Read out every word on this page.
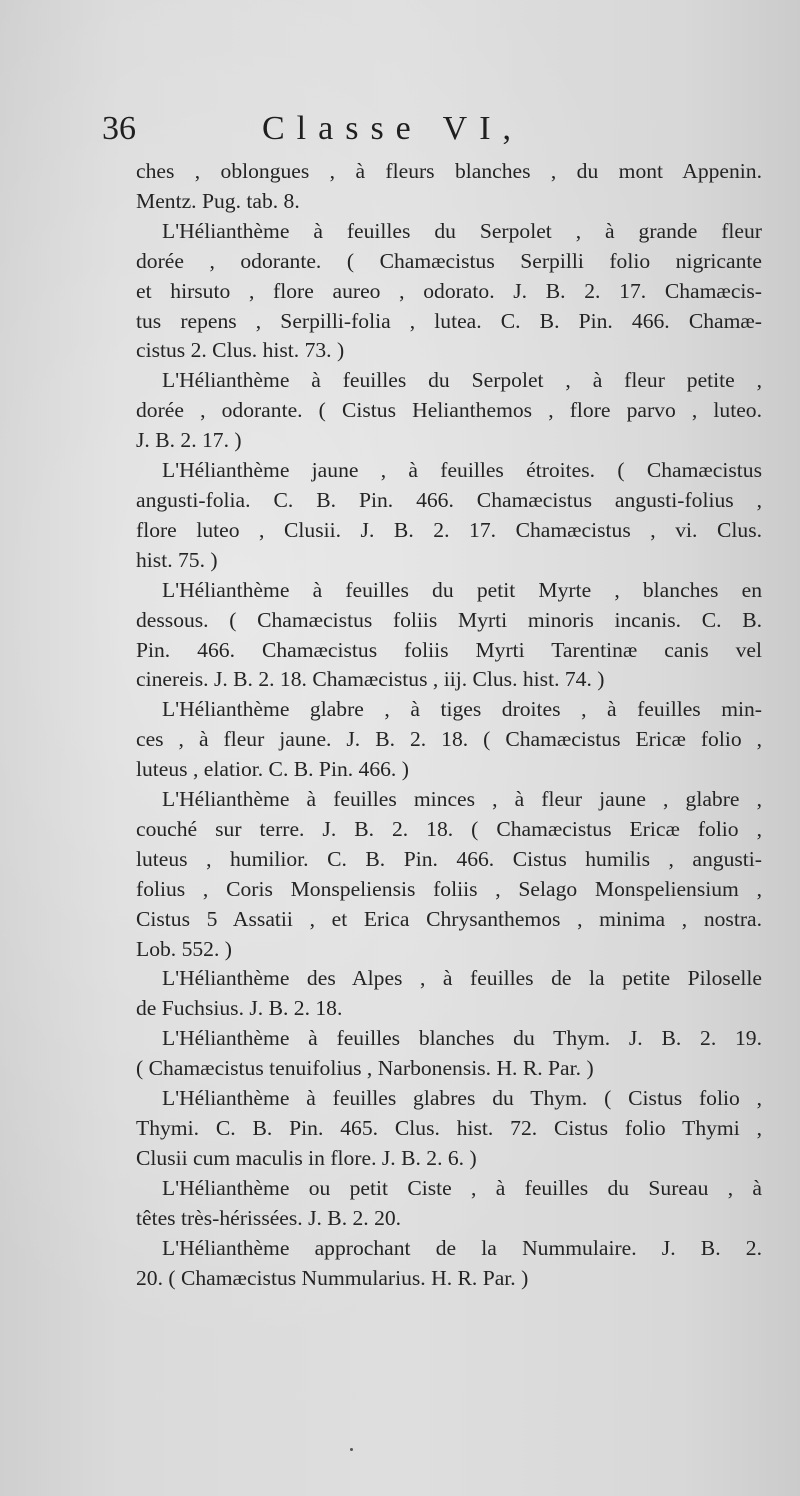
36	Classe VI,
ches , oblongues , à fleurs blanches , du mont Appenin.
Mentz. Pug. tab. 8.
L'Hélianthème à feuilles du Serpolet , à grande fleur
dorée , odorante. ( Chamæcistus Serpilli folio nigricante
et hirsuto , flore aureo , odorato. J. B. 2. 17. Chamæcis-
tus repens , Serpilli-folia , lutea. C. B. Pin. 466. Chamæ-
cistus 2. Clus. hist. 73. )
L'Hélianthème à feuilles du Serpolet , à fleur petite ,
dorée , odorante. ( Cistus Helianthemos , flore parvo , luteo.
J. B. 2. 17. )
L'Hélianthème jaune , à feuilles étroites. ( Chamæcistus
angusti-folia. C. B. Pin. 466. Chamæcistus angusti-folius ,
flore luteo , Clusii. J. B. 2. 17. Chamæcistus , vi. Clus.
hist. 75. )
L'Hélianthème à feuilles du petit Myrte , blanches en
dessous. ( Chamæcistus foliis Myrti minoris incanis. C. B.
Pin. 466. Chamæcistus foliis Myrti Tarentinæ canis vel
cinereis. J. B. 2. 18. Chamæcistus , iij. Clus. hist. 74. )
L'Hélianthème glabre , à tiges droites , à feuilles min-
ces , à fleur jaune. J. B. 2. 18. ( Chamæcistus Ericæ folio ,
luteus , elatior. C. B. Pin. 466. )
L'Hélianthème à feuilles minces , à fleur jaune , glabre ,
couché sur terre. J. B. 2. 18. ( Chamæcistus Ericæ folio ,
luteus , humilior. C. B. Pin. 466. Cistus humilis , angusti-
folius , Coris Monspeliensis foliis , Selago Monspeliensium ,
Cistus 5 Assatii , et Erica Chrysanthemos , minima , nostra.
Lob. 552. )
L'Hélianthème des Alpes , à feuilles de la petite Piloselle
de Fuchsius. J. B. 2. 18.
L'Hélianthème à feuilles blanches du Thym. J. B. 2. 19.
( Chamæcistus tenuifolius , Narbonensis. H. R. Par. )
L'Hélianthème à feuilles glabres du Thym. ( Cistus folio ,
Thymi. C. B. Pin. 465. Clus. hist. 72. Cistus folio Thymi ,
Clusii cum maculis in flore. J. B. 2. 6. )
L'Hélianthème ou petit Ciste , à feuilles du Sureau , à
têtes très-hérissées. J. B. 2. 20.
L'Hélianthème approchant de la Nummulaire. J. B. 2.
20. ( Chamæcistus Nummularius. H. R. Par. )
